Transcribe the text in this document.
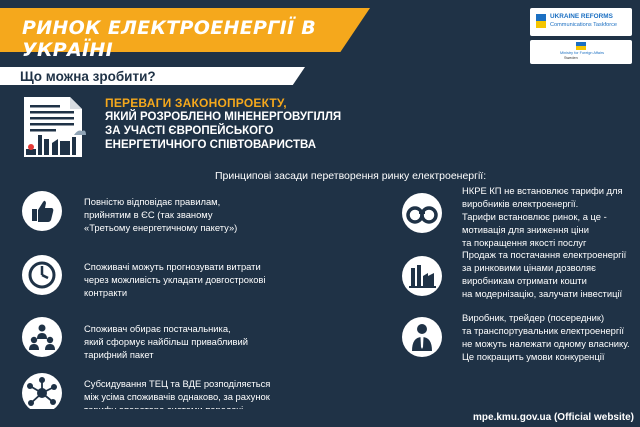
РИНОК ЕЛЕКТРОЕНЕРГІЇ В УКРАЇНІ
UKRAINE REFORMS
Communications Taskforce
Ministry for Foreign Affairs
Sweden
Що можна зробити?
ПЕРЕВАГИ ЗАКОНОПРОЕКТУ,
ЯКИЙ РОЗРОБЛЕНО МІНЕНЕРГОВУГІЛЛЯ
ЗА УЧАСТІ ЄВРОПЕЙСЬКОГО
ЕНЕРГЕТИЧНОГО СПІВТОВАРИСТВА
Принципові засади перетворення ринку електроенергії:
Повністю відповідає правилам,
прийнятим в ЄС (так званому
«Третьому енергетичному пакету»)
Споживачі можуть прогнозувати витрати
через можливість укладати довгострокові
контракти
Споживач обирає постачальника,
який сформує найбільш привабливий
тарифний пакет
Субсидування ТЕЦ та ВДЕ розподіляється
між усіма споживачів однаково, за рахунок
НКРЕ КП не встановлює тарифи для
виробників електроенергії.
Тарифи встановлює ринок, а це -
мотивація для зниження ціни
та покращення якості послуг
Продаж та постачання електроенергії
за ринковими цінами дозволяє
виробникам отримати кошти
на модернізацію, залучати інвестиції
Виробник, трейдер (посередник)
та транспортувальник електроенергії
не можуть належати одному власнику.
Це покращить умови конкуренції
mpe.kmu.gov.ua (Official website)
